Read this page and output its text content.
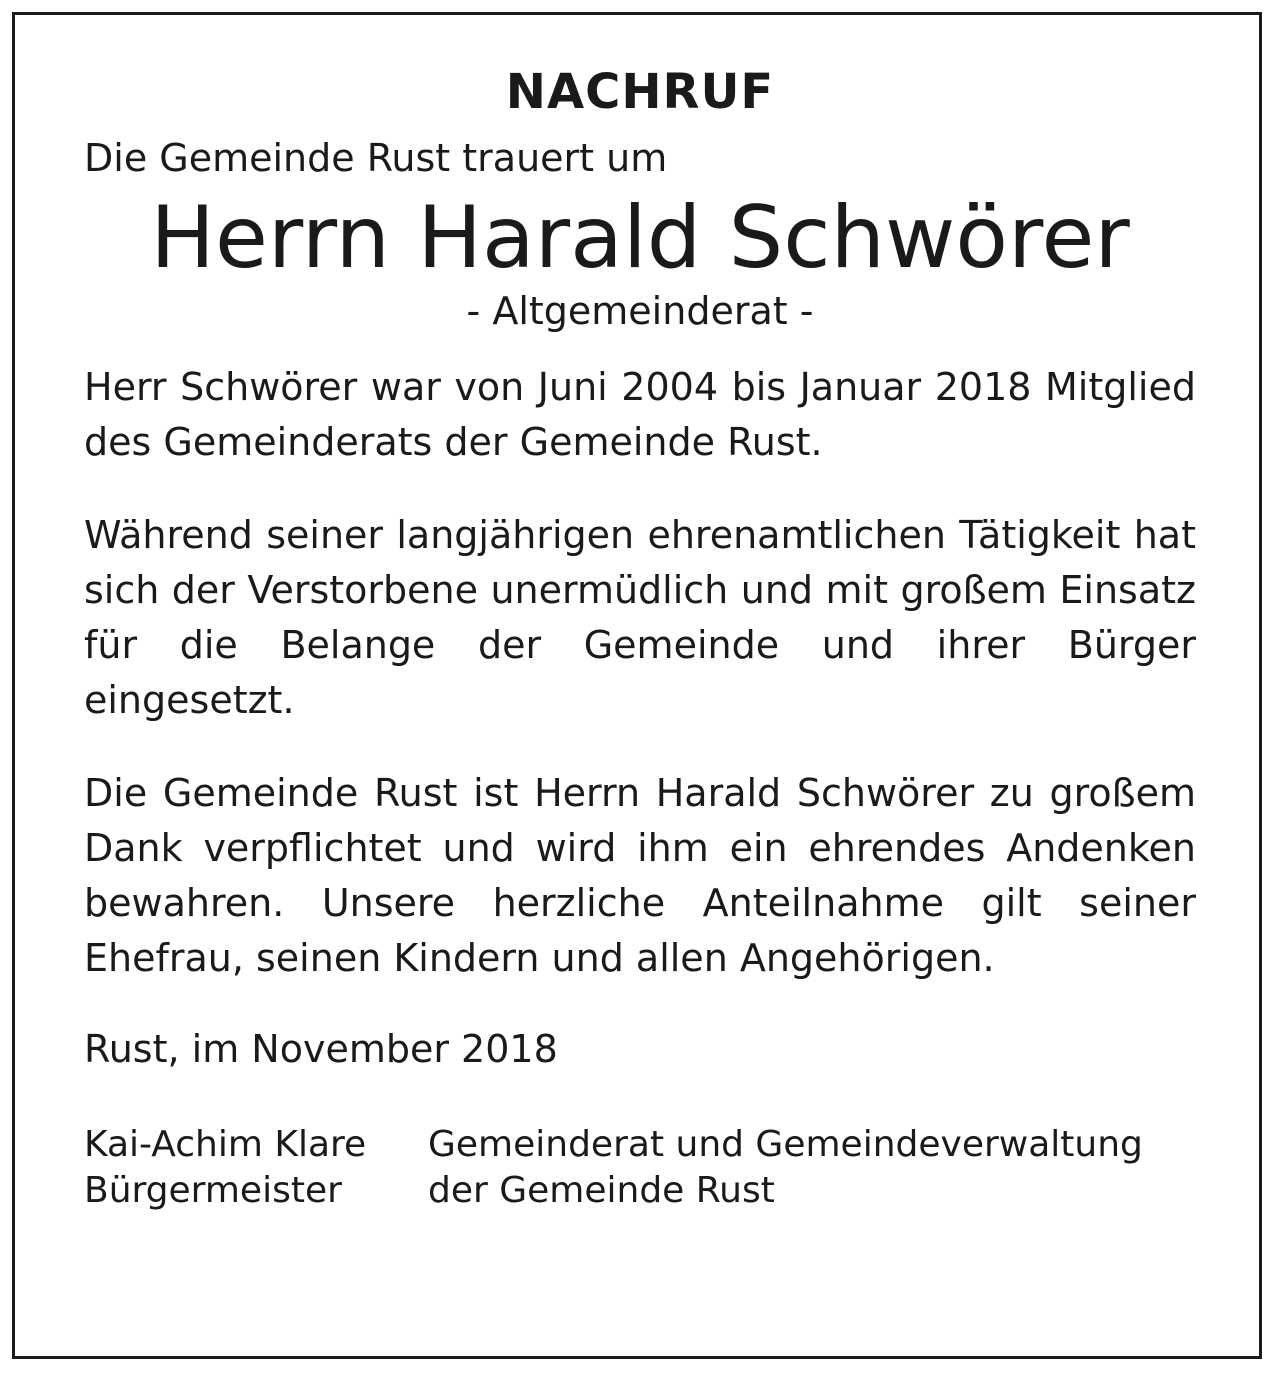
NACHRUF
Die Gemeinde Rust trauert um
Herrn Harald Schwörer
- Altgemeinderat -

Herr Schwörer war von Juni 2004 bis Januar 2018 Mitglied des Gemeinderats der Gemeinde Rust.

Während seiner langjährigen ehrenamtlichen Tätigkeit hat sich der Verstorbene unermüdlich und mit großem Einsatz für die Belange der Gemeinde und ihrer Bürger eingesetzt.

Die Gemeinde Rust ist Herrn Harald Schwörer zu großem Dank verpflichtet und wird ihm ein ehrendes Andenken bewahren. Unsere herzliche Anteilnahme gilt seiner Ehefrau, seinen Kindern und allen Angehörigen.

Rust, im November 2018
Kai-Achim Klare
Bürgermeister
Gemeinderat und Gemeindeverwaltung
der Gemeinde Rust
